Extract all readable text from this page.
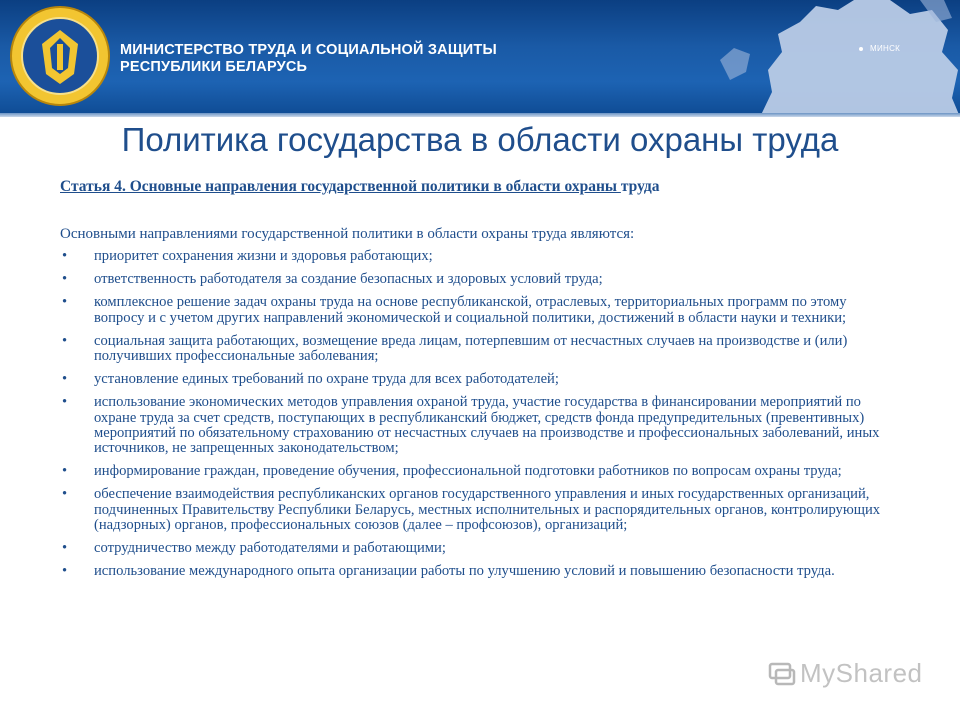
МИНИСТЕРСТВО ТРУДА И СОЦИАЛЬНОЙ ЗАЩИТЫ
РЕСПУБЛИКИ БЕЛАРУСЬ
МИНСК
Политика государства в области охраны труда
Статья 4. Основные направления государственной политики в области охраны труда
Основными направлениями государственной политики в области охраны труда являются:
• приоритет сохранения жизни и здоровья работающих;
• ответственность работодателя за создание безопасных и здоровых условий труда;
• комплексное решение задач охраны труда на основе республиканской, отраслевых, территориальных программ по этому вопросу и с учетом других направлений экономической и социальной политики, достижений в области науки и техники;
• социальная защита работающих, возмещение вреда лицам, потерпевшим от несчастных случаев на производстве и (или) получивших профессиональные заболевания;
• установление единых требований по охране труда для всех работодателей;
• использование экономических методов управления охраной труда, участие государства в финансировании мероприятий по охране труда за счет средств, поступающих в республиканский бюджет, средств фонда предупредительных (превентивных) мероприятий по обязательному страхованию от несчастных случаев на производстве и профессиональных заболеваний, иных источников, не запрещенных законодательством;
• информирование граждан, проведение обучения, профессиональной подготовки работников по вопросам охраны труда;
• обеспечение взаимодействия республиканских органов государственного управления и иных государственных организаций, подчиненных Правительству Республики Беларусь, местных исполнительных и распорядительных органов, контролирующих (надзорных) органов, профессиональных союзов (далее – профсоюзов), организаций;
• сотрудничество между работодателями и работающими;
• использование международного опыта организации работы по улучшению условий и повышению безопасности труда.
MyShared
